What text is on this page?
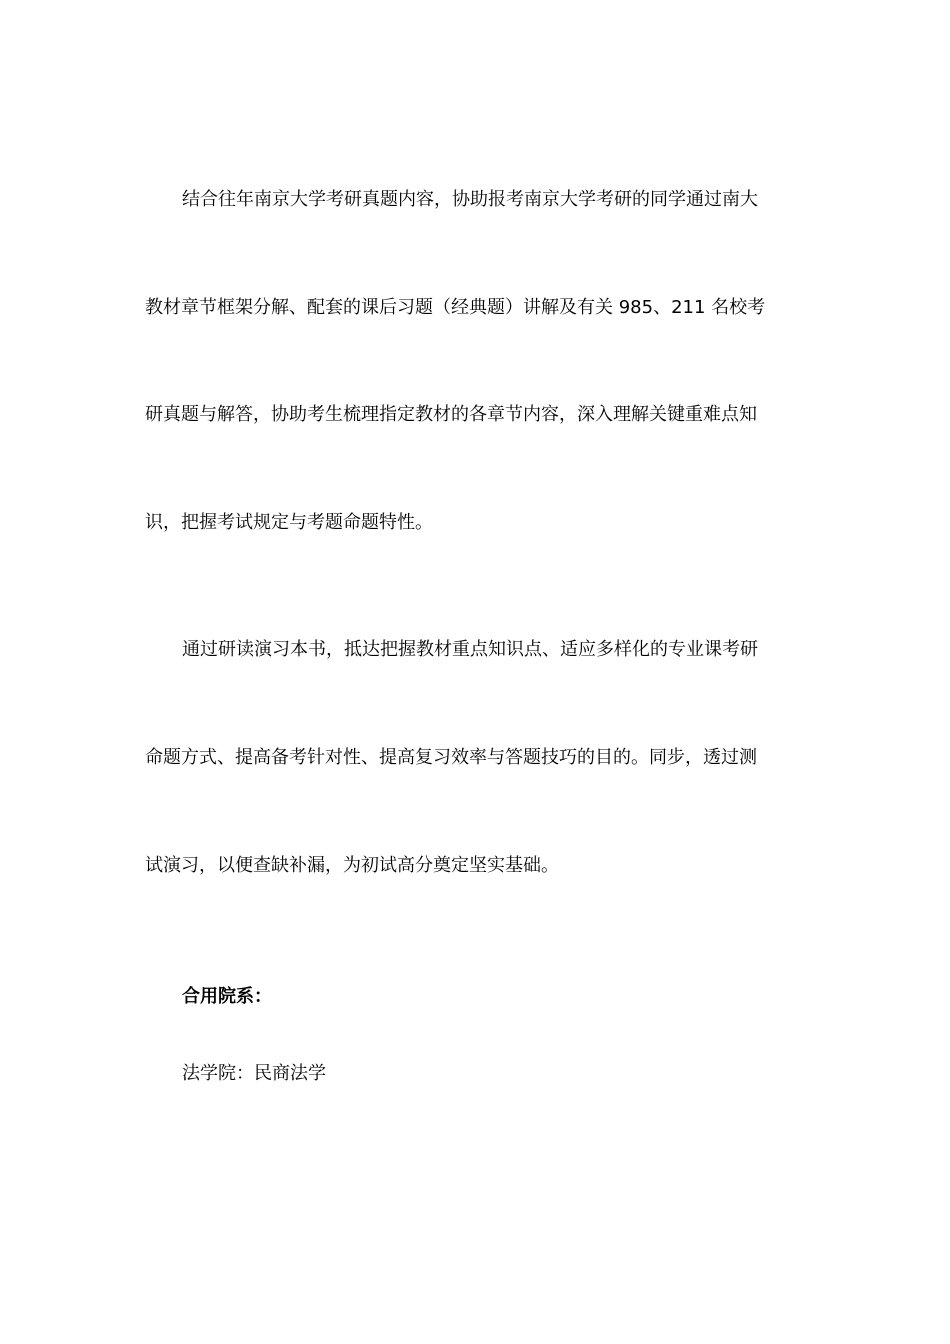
结合往年南京大学考研真题内容，协助报考南京大学考研的同学通过南大
教材章节框架分解、配套的课后习题（经典题）讲解及有关 985、211 名校考
研真题与解答，协助考生梳理指定教材的各章节内容，深入理解关键重难点知
识，把握考试规定与考题命题特性。
通过研读演习本书，抵达把握教材重点知识点、适应多样化的专业课考研
命题方式、提高备考针对性、提高复习效率与答题技巧的目的。同步，透过测
试演习，以便查缺补漏，为初试高分奠定坚实基础。
合用院系：
法学院：民商法学
